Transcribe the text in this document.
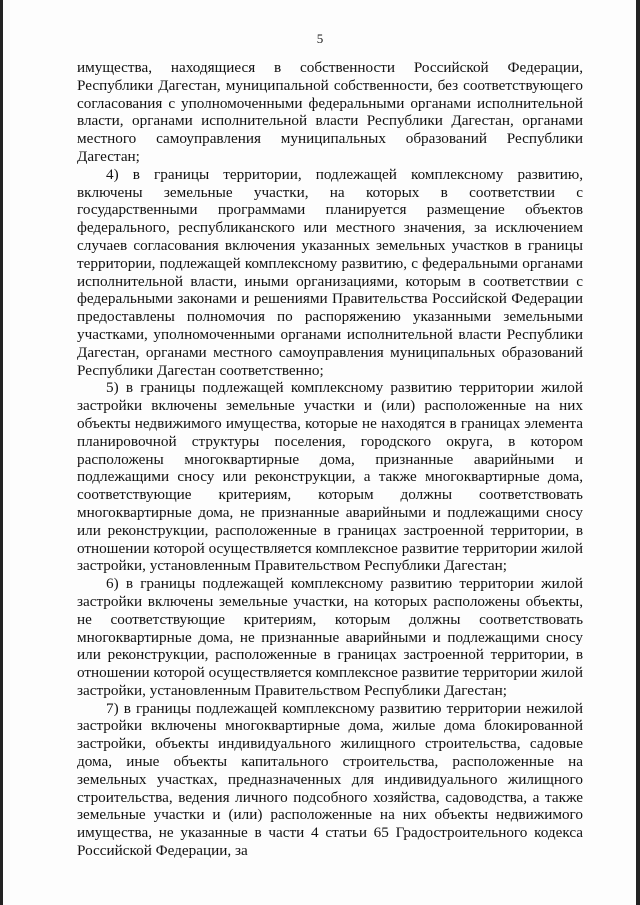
5

имущества, находящиеся в собственности Российской Федерации, Республики Дагестан, муниципальной собственности, без соответствующего согласования с уполномоченными федеральными органами исполнительной власти, органами исполнительной власти Республики Дагестан, органами местного самоуправления муниципальных образований Республики Дагестан;

4) в границы территории, подлежащей комплексному развитию, включены земельные участки, на которых в соответствии с государственными программами планируется размещение объектов федерального, республиканского или местного значения, за исключением случаев согласования включения указанных земельных участков в границы территории, подлежащей комплексному развитию, с федеральными органами исполнительной власти, иными организациями, которым в соответствии с федеральными законами и решениями Правительства Российской Федерации предоставлены полномочия по распоряжению указанными земельными участками, уполномоченными органами исполнительной власти Республики Дагестан, органами местного самоуправления муниципальных образований Республики Дагестан соответственно;

5) в границы подлежащей комплексному развитию территории жилой застройки включены земельные участки и (или) расположенные на них объекты недвижимого имущества, которые не находятся в границах элемента планировочной структуры поселения, городского округа, в котором расположены многоквартирные дома, признанные аварийными и подлежащими сносу или реконструкции, а также многоквартирные дома, соответствующие критериям, которым должны соответствовать многоквартирные дома, не признанные аварийными и подлежащими сносу или реконструкции, расположенные в границах застроенной территории, в отношении которой осуществляется комплексное развитие территории жилой застройки, установленным Правительством Республики Дагестан;

6) в границы подлежащей комплексному развитию территории жилой застройки включены земельные участки, на которых расположены объекты, не соответствующие критериям, которым должны соответствовать многоквартирные дома, не признанные аварийными и подлежащими сносу или реконструкции, расположенные в границах застроенной территории, в отношении которой осуществляется комплексное развитие территории жилой застройки, установленным Правительством Республики Дагестан;

7) в границы подлежащей комплексному развитию территории нежилой застройки включены многоквартирные дома, жилые дома блокированной застройки, объекты индивидуального жилищного строительства, садовые дома, иные объекты капитального строительства, расположенные на земельных участках, предназначенных для индивидуального жилищного строительства, ведения личного подсобного хозяйства, садоводства, а также земельные участки и (или) расположенные на них объекты недвижимого имущества, не указанные в части 4 статьи 65 Градостроительного кодекса Российской Федерации, за
